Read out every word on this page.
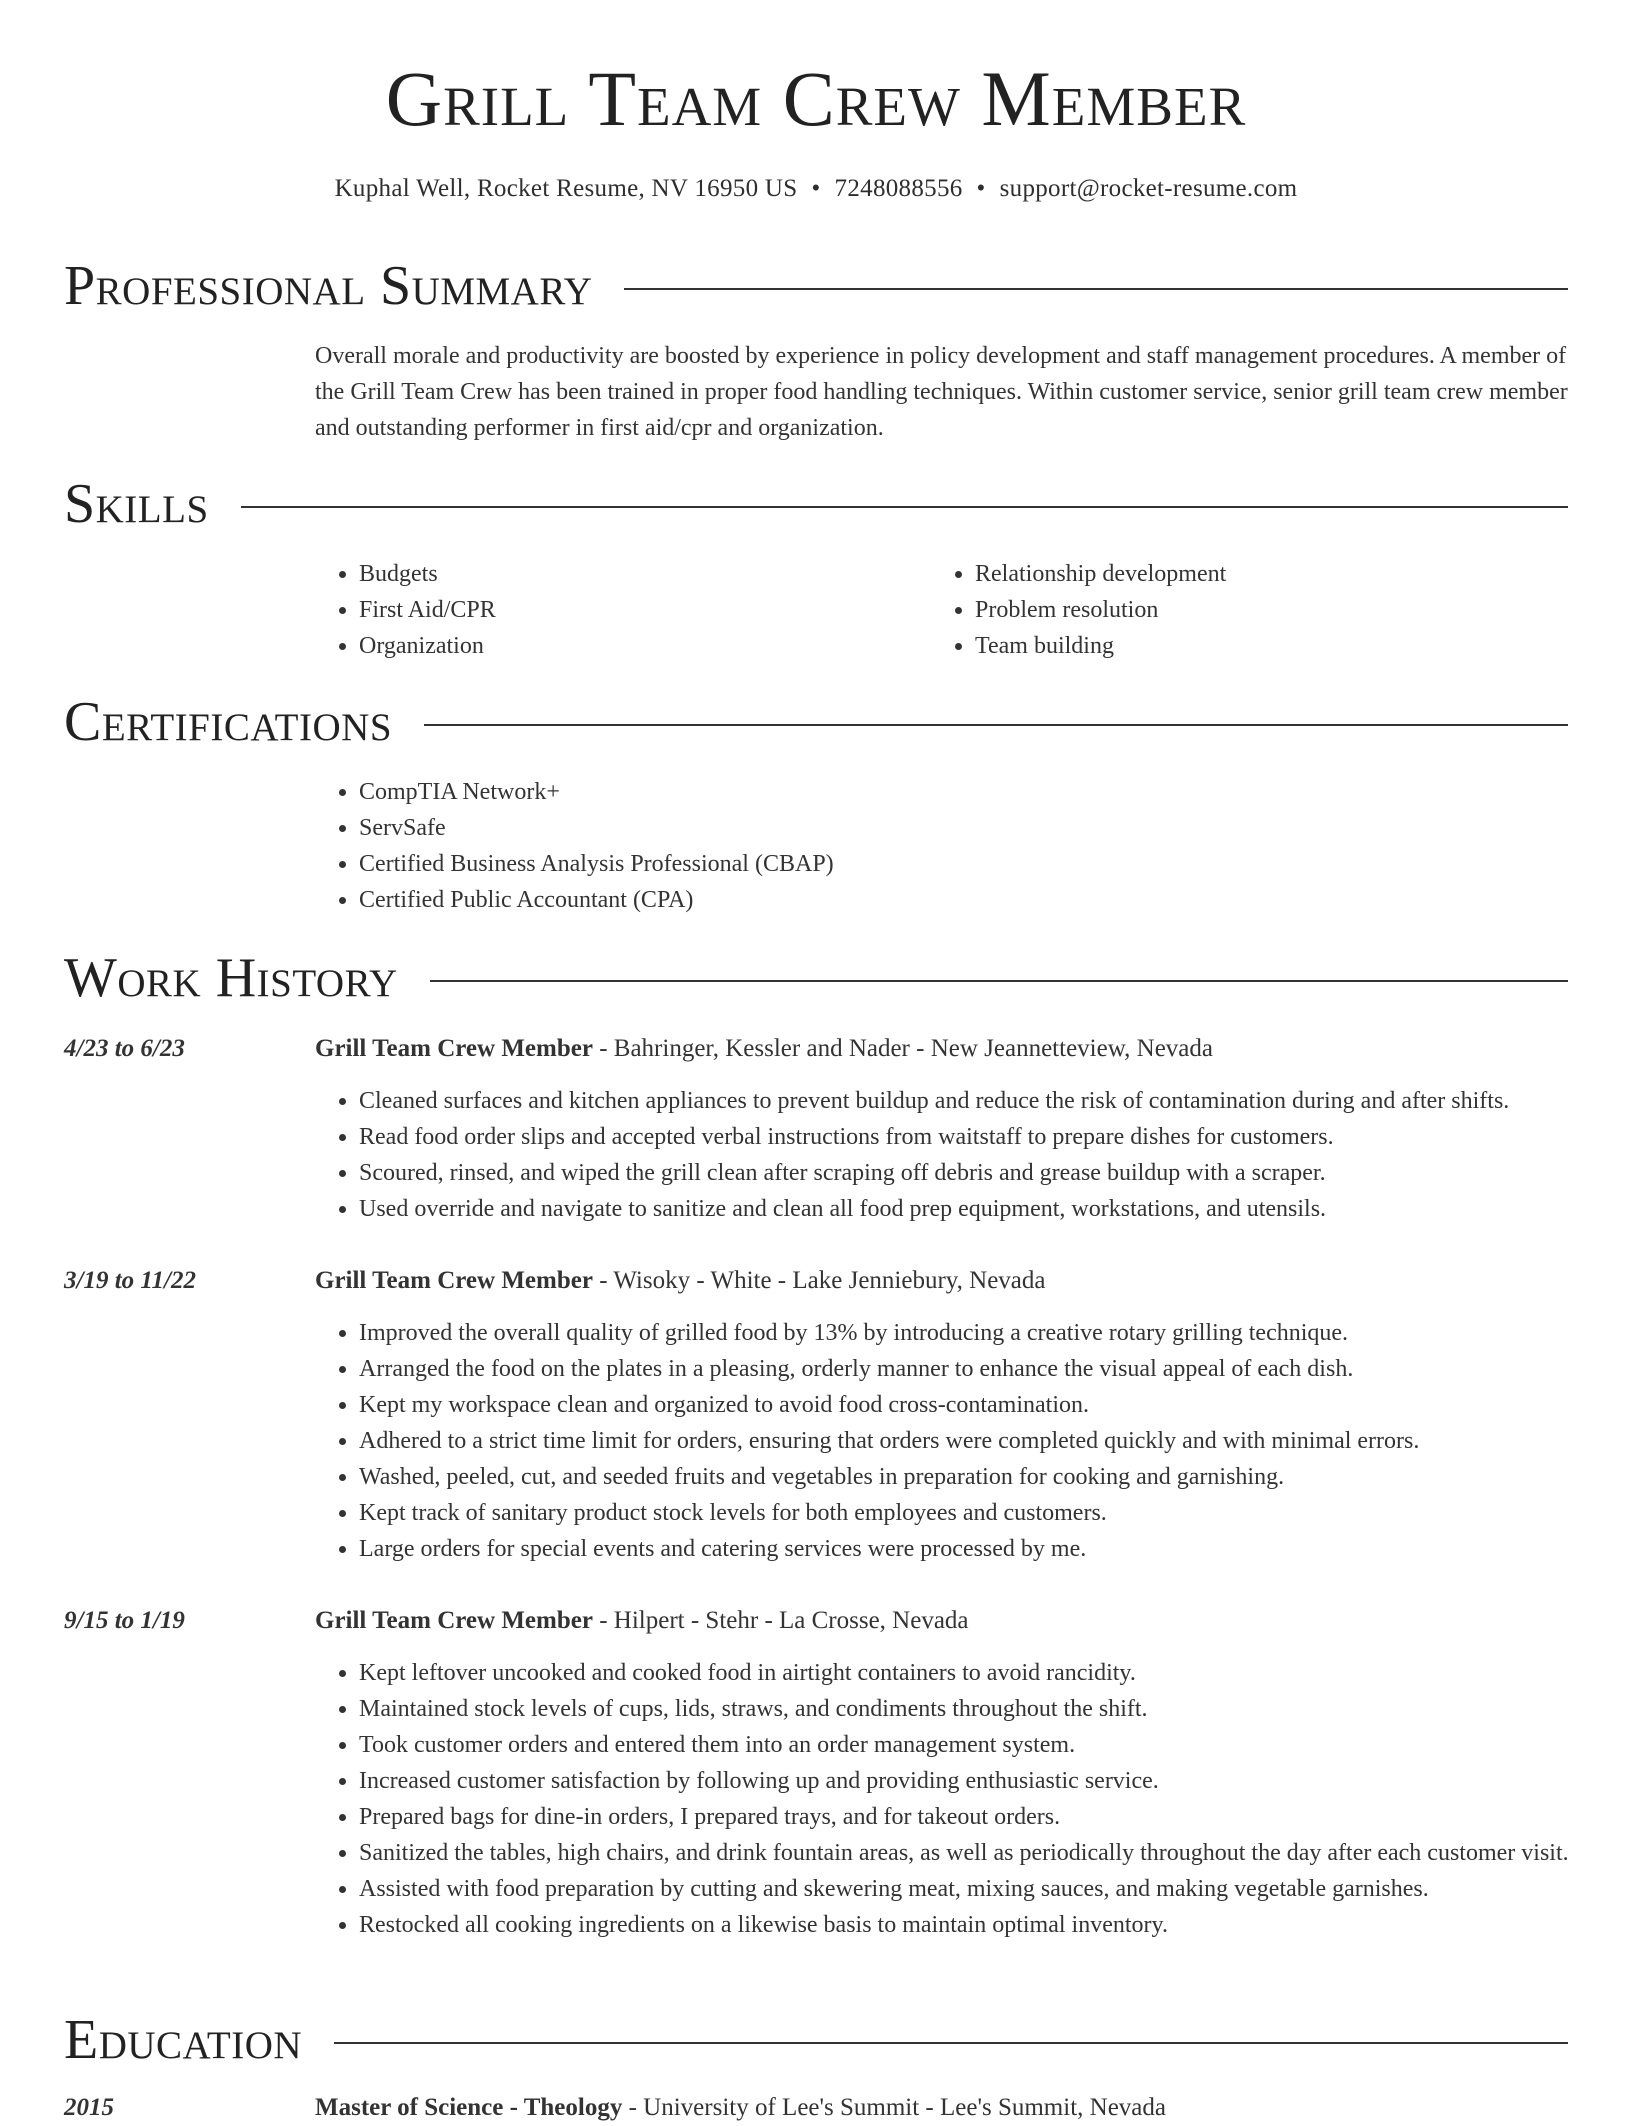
Grill Team Crew Member
Kuphal Well, Rocket Resume, NV 16950 US • 7248088556 • support@rocket-resume.com
Professional Summary

Overall morale and productivity are boosted by experience in policy development and staff management procedures. A member of the Grill Team Crew has been trained in proper food handling techniques. Within customer service, senior grill team crew member and outstanding performer in first aid/cpr and organization.

Skills
• Budgets
• First Aid/CPR
• Organization
• Relationship development
• Problem resolution
• Team building
Certifications
• CompTIA Network+
• ServSafe
• Certified Business Analysis Professional (CBAP)
• Certified Public Accountant (CPA)
Work History
4/23 to 6/23	Grill Team Crew Member - Bahringer, Kessler and Nader - New Jeannetteview, Nevada
• Cleaned surfaces and kitchen appliances to prevent buildup and reduce the risk of contamination during and after shifts.
• Read food order slips and accepted verbal instructions from waitstaff to prepare dishes for customers.
• Scoured, rinsed, and wiped the grill clean after scraping off debris and grease buildup with a scraper.
• Used override and navigate to sanitize and clean all food prep equipment, workstations, and utensils.
3/19 to 11/22	Grill Team Crew Member - Wisoky - White - Lake Jenniebury, Nevada
• Improved the overall quality of grilled food by 13% by introducing a creative rotary grilling technique.
• Arranged the food on the plates in a pleasing, orderly manner to enhance the visual appeal of each dish.
• Kept my workspace clean and organized to avoid food cross-contamination.
• Adhered to a strict time limit for orders, ensuring that orders were completed quickly and with minimal errors.
• Washed, peeled, cut, and seeded fruits and vegetables in preparation for cooking and garnishing.
• Kept track of sanitary product stock levels for both employees and customers.
• Large orders for special events and catering services were processed by me.
9/15 to 1/19	Grill Team Crew Member - Hilpert - Stehr - La Crosse, Nevada
• Kept leftover uncooked and cooked food in airtight containers to avoid rancidity.
• Maintained stock levels of cups, lids, straws, and condiments throughout the shift.
• Took customer orders and entered them into an order management system.
• Increased customer satisfaction by following up and providing enthusiastic service.
• Prepared bags for dine-in orders, I prepared trays, and for takeout orders.
• Sanitized the tables, high chairs, and drink fountain areas, as well as periodically throughout the day after each customer visit.
• Assisted with food preparation by cutting and skewering meat, mixing sauces, and making vegetable garnishes.
• Restocked all cooking ingredients on a likewise basis to maintain optimal inventory.
Education
2015	Master of Science - Theology - University of Lee's Summit - Lee's Summit, Nevada
